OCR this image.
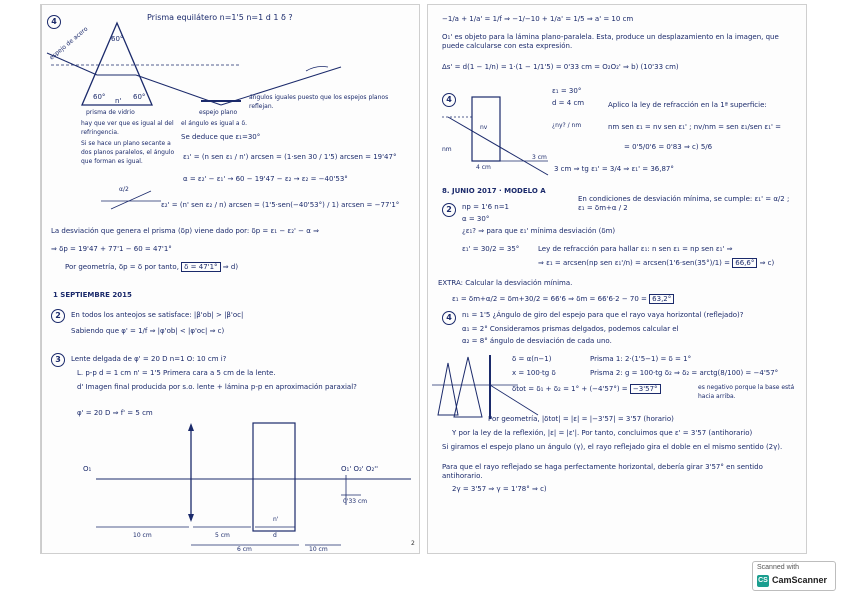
4
espejo de acero
Prisma equilátero n=1'5 n=1 d 1 δ ?
60°
60°	60°
n'
prisma de vidrio	espejo plano
ángulos iguales puesto que los espejos planos reflejan.
hay que ver que es igual al del refringencia.
Si se hace un plano secante a dos planos paralelos, el ángulo que forman es igual.
el ángulo es igual a δ.
Se deduce que ε₁=30°
ε₁' = (n sen ε₁ / n') arcsen = (1·sen 30 / 1'5) arcsen = 19'47°
α = ε₂' − ε₁' → 60 − 19'47 − ε₂ → ε₂ = −40'53°
α/2
ε₂' = (n' sen ε₂ / n) arcsen = (1'5·sen(−40'53°) / 1) arcsen = −77'1°
La desviación que genera el prisma (δp) viene dado por: δp = ε₁ − ε₂' − α ⇒
⇒ δp = 19'47 + 77'1 − 60 = 47'1°
Por geometría, δp = δ por tanto, δ = 47'1° ⇒ d)
1 SEPTIEMBRE 2015
2	En todos los anteojos se satisface: |β'ob| > |β'oc|
Sabiendo que φ' = 1/f ⇒ |φ'ob| < |φ'oc| ⇒ c)
3	Lente delgada de φ' = 20 D n=1 O: 10 cm i?
L. p-p d = 1 cm n' = 1'5 Primera cara a 5 cm de la lente.
d' Imagen final producida por s.o. lente + lámina p-p en aproximación paraxial?
φ' = 20 D ⇒ f' = 5 cm
O₁	O₁' O₂' O₂''
n'
10 cm	5 cm	d
0'33 cm
6 cm	10 cm
2
−1/a + 1/a' = 1/f ⇒ −1/−10 + 1/a' = 1/5 ⇒ a' = 10 cm
O₁' es objeto para la lámina plano-paralela. Esta, produce un desplazamiento en la imagen, que puede calcularse con esta expresión.
Δs' = d(1 − 1/n) = 1·(1 − 1/1'5) = 0'33 cm = O₂O₂' ⇒ b) (10'33 cm)
4
ε₁ = 30°
d = 4 cm
¿ny? / nm
Aplico la ley de refracción en la 1ª superficie:
nm sen ε₁ = nv sen ε₁' ; nv/nm = sen ε₁/sen ε₁' =
= 0'5/0'6 = 0'83 ⇒ c) 5/6
nm
nv
4 cm
3 cm
3 cm ⇒ tg ε₁' = 3/4 ⇒ ε₁' = 36,87°
8. JUNIO 2017 · MODELO A
2	np = 1'6 n=1
α = 30°
En condiciones de desviación mínima, se cumple: ε₁' = α/2 ; ε₁ = δm+α / 2
¿ε₁? ⇒ para que ε₁' mínima desviación (δm)
ε₁' = 30/2 = 35°	Ley de refracción para hallar ε₁: n sen ε₁ = np sen ε₁' ⇒
⇒ ε₁ = arcsen(np sen ε₁'/n) = arcsen(1'6·sen(35°)/1) = 66,6° ⇒ c)
EXTRA: Calcular la desviación mínima.
ε₁ = δm+α/2 = δm+30/2 = 66'6 ⇒ δm = 66'6·2 − 70 = 63,2°
4	n₁ = 1'5 ¿Ángulo de giro del espejo para que el rayo vaya horizontal (reflejado)?
α₁ = 2° Consideramos prismas delgados, podemos calcular el
α₂ = 8° ángulo de desviación de cada uno.
δ = α(n−1)	Prisma 1: 2·(1'5−1) = δ = 1°
x = 100·tg δ	Prisma 2: g = 100·tg δ₂ ⇒ δ₂ = arctg(8/100) = −4'57°
δtot = δ₁ + δ₂ = 1° + (−4'57°) = −3'57°	es negativo porque la base está hacia arriba.
Por geometría, |δtot| = |ε| = |−3'57| = 3'57 (horario)
Y por la ley de la reflexión, |ε| = |ε'|. Por tanto, concluimos que ε' = 3'57 (antihorario)
Si giramos el espejo plano un ángulo (γ), el rayo reflejado gira el doble en el mismo sentido (2γ).
Para que el rayo reflejado se haga perfectamente horizontal, debería girar 3'57° en sentido antihorario.
2γ = 3'57 ⇒ γ = 1'78° ⇒ c)
Scanned with
CS CamScanner
